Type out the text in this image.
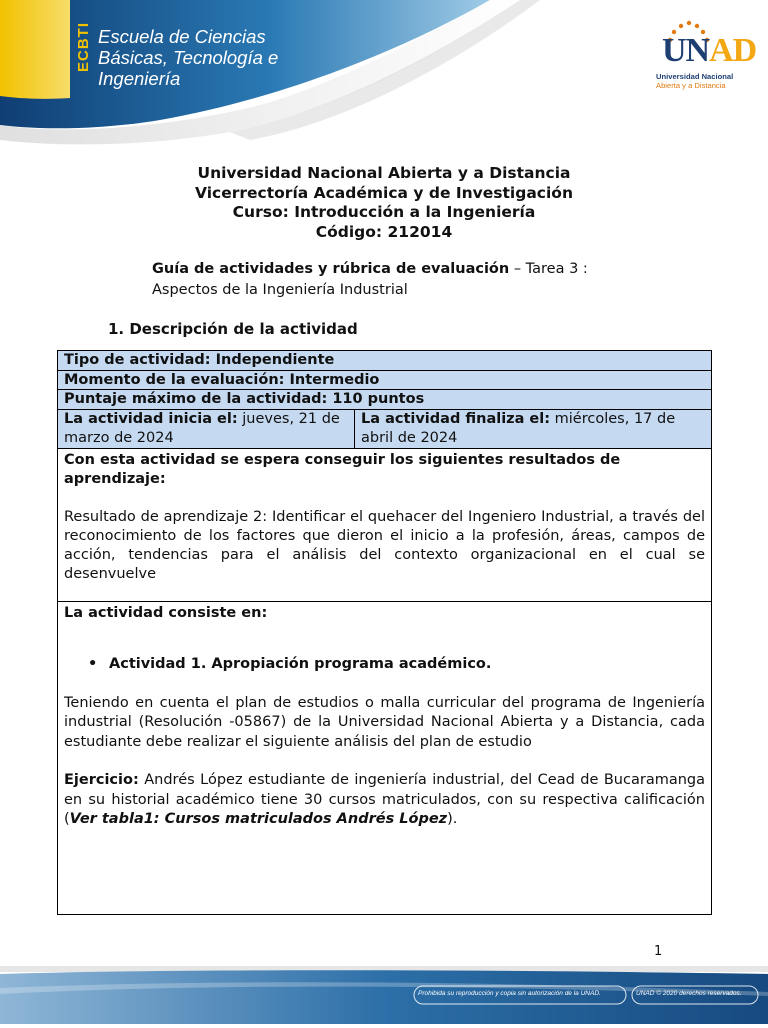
ECBTI Escuela de Ciencias
Básicas, Tecnología e
Ingeniería
UNAD
Universidad Nacional
Abierta y a Distancia
Universidad Nacional Abierta y a Distancia
Vicerrectoría Académica y de Investigación
Curso: Introducción a la Ingeniería
Código: 212014
Guía de actividades y rúbrica de evaluación – Tarea 3 :
Aspectos de la Ingeniería Industrial
1. Descripción de la actividad
Tipo de actividad: Independiente
Momento de la evaluación: Intermedio
Puntaje máximo de la actividad: 110 puntos
La actividad inicia el: jueves, 21 de marzo de 2024
La actividad finaliza el: miércoles, 17 de abril de 2024
Con esta actividad se espera conseguir los siguientes resultados de aprendizaje:
Resultado de aprendizaje 2: Identificar el quehacer del Ingeniero Industrial, a través del reconocimiento de los factores que dieron el inicio a la profesión, áreas, campos de acción, tendencias para el análisis del contexto organizacional en el cual se desenvuelve
La actividad consiste en:
• Actividad 1. Apropiación programa académico.
Teniendo en cuenta el plan de estudios o malla curricular del programa de Ingeniería industrial (Resolución -05867) de la Universidad Nacional Abierta y a Distancia, cada estudiante debe realizar el siguiente análisis del plan de estudio
Ejercicio: Andrés López estudiante de ingeniería industrial, del Cead de Bucaramanga en su historial académico tiene 30 cursos matriculados, con su respectiva calificación (Ver tabla1: Cursos matriculados Andrés López).
1
Prohibida su reproducción y copia sin autorización de la UNAD.	UNAD © 2020 derechos reservados.
